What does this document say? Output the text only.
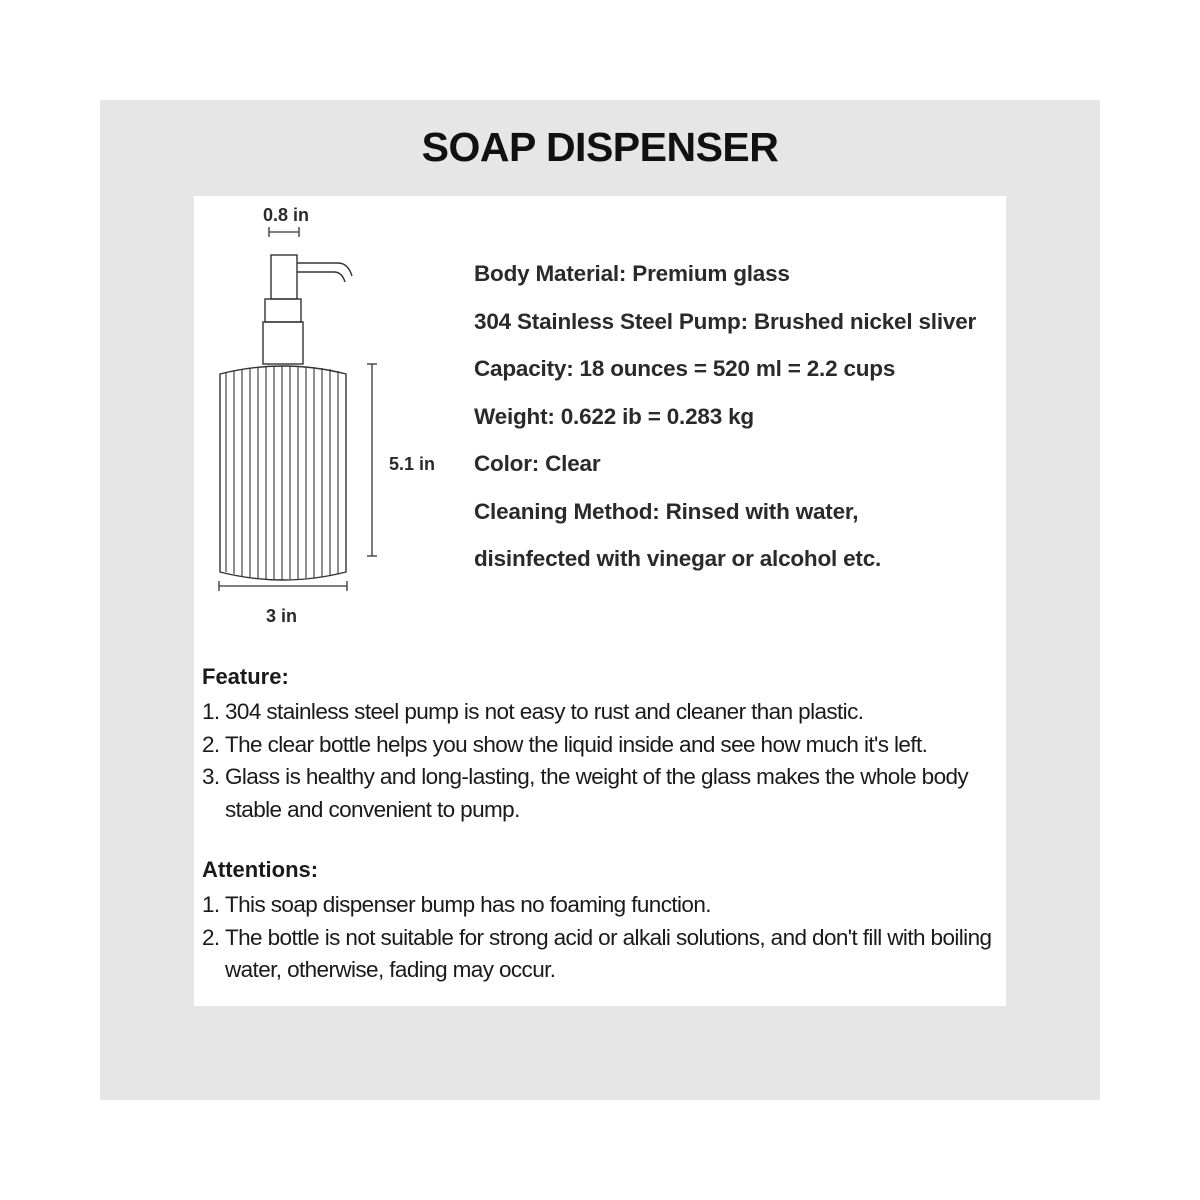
SOAP DISPENSER
0.8 in
5.1 in
3 in
Body Material: Premium glass
304 Stainless Steel Pump: Brushed nickel sliver
Capacity: 18 ounces = 520 ml = 2.2 cups
Weight: 0.622 ib = 0.283 kg
Color: Clear
Cleaning Method: Rinsed with water,
disinfected with vinegar or alcohol etc.
Feature:
1. 304 stainless steel pump is not easy to rust and cleaner than plastic.
2. The clear bottle helps you show the liquid inside and see how much it's left.
3. Glass is healthy and long-lasting, the weight of the glass makes the whole body stable and convenient to pump.
Attentions:
1. This soap dispenser bump has no foaming function.
2. The bottle is not suitable for strong acid or alkali solutions, and don't fill with boiling water, otherwise, fading may occur.
